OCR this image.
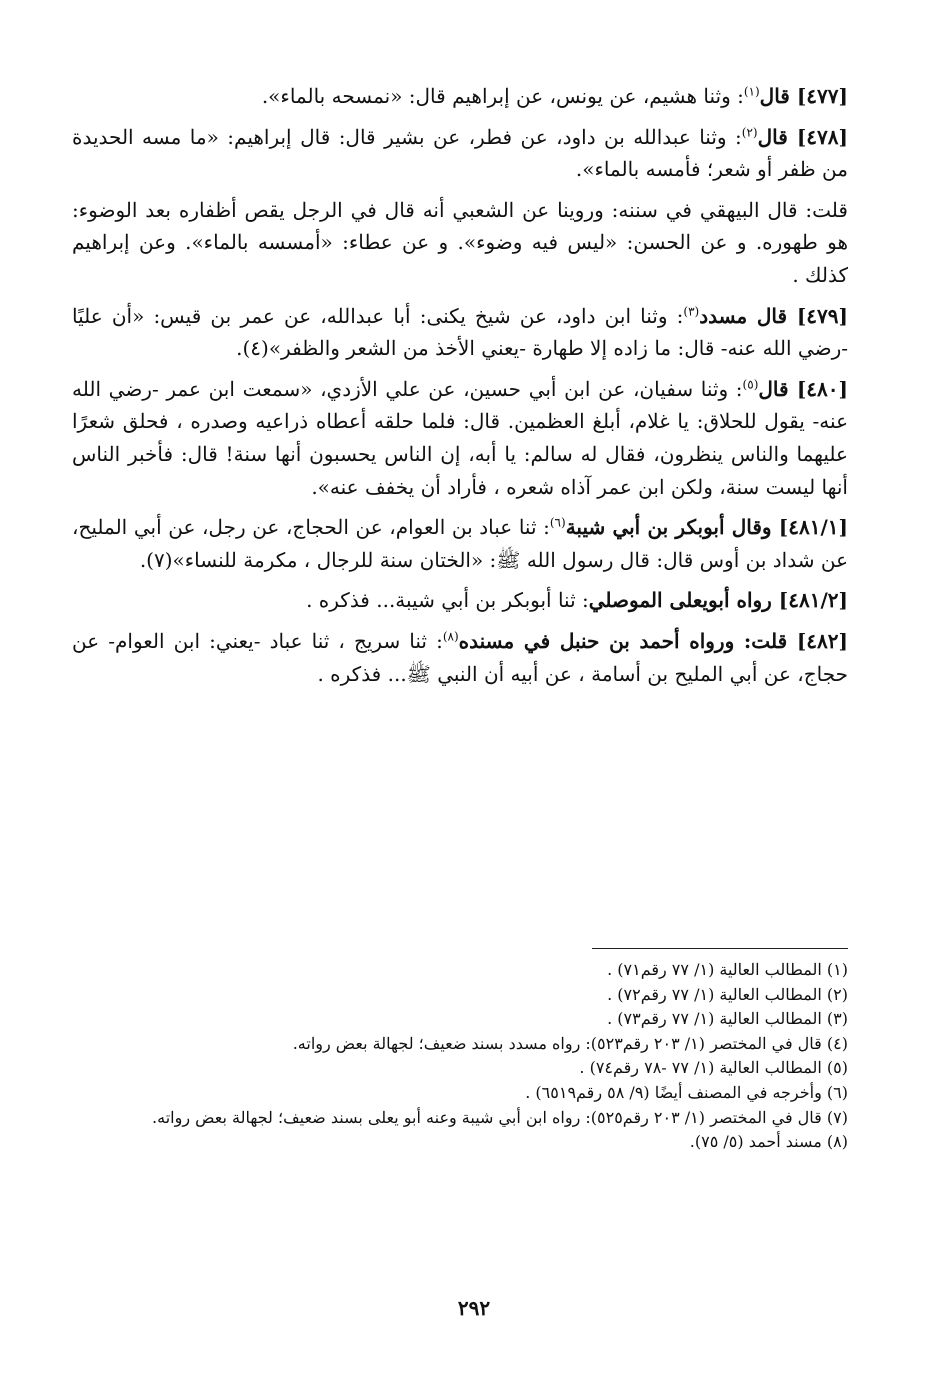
[٤٧٧] قال$^{(١)}$: وثنا هشيم، عن يونس، عن إبراهيم قال: «نمسحه بالماء».

[٤٧٨] قال$^{(٢)}$: وثنا عبدالله بن داود، عن فطر، عن بشير قال: قال إبراهيم: «ما مسه الحديدة من ظفر أو شعر؛ فأمسه بالماء».

قلت: قال البيهقي في سننه: وروينا عن الشعبي أنه قال في الرجل يقص أظفاره بعد الوضوء: هو طهوره. و عن الحسن: «ليس فيه وضوء». و عن عطاء: «أمسسه بالماء». وعن إبراهيم كذلك .

[٤٧٩] قال مسدد$^{(٣)}$: وثنا ابن داود، عن شيخ يكنى: أبا عبدالله، عن عمر بن قيس: «أن عليًا -رضي الله عنه- قال: ما زاده إلا طهارة -يعني الأخذ من الشعر والظفر»(٤).

[٤٨٠] قال$^{(٥)}$: وثنا سفيان، عن ابن أبي حسين، عن علي الأزدي، «سمعت ابن عمر -رضي الله عنه- يقول للحلاق: يا غلام، أبلغ العظمين. قال: فلما حلقه أعطاه ذراعيه وصدره ، فحلق شعرًا عليهما والناس ينظرون، فقال له سالم: يا أبه، إن الناس يحسبون أنها سنة! قال: فأخبر الناس أنها ليست سنة، ولكن ابن عمر آذاه شعره ، فأراد أن يخفف عنه».

[٤٨١/١] وقال أبوبكر بن أبي شيبة$^{(٦)}$: ثنا عباد بن العوام، عن الحجاج، عن رجل، عن أبي المليح، عن شداد بن أوس قال: قال رسول الله ﷺ: «الختان سنة للرجال ، مكرمة للنساء»(٧).

[٤٨١/٢] رواه أبويعلى الموصلي: ثنا أبوبكر بن أبي شيبة... فذكره .

[٤٨٢] قلت: ورواه أحمد بن حنبل في مسنده$^{(٨)}$: ثنا سريج ، ثنا عباد -يعني: ابن العوام- عن حجاج، عن أبي المليح بن أسامة ، عن أبيه أن النبي ﷺ... فذكره .

(١) المطالب العالية (١/ ٧٧ رقم٧١) .

(٢) المطالب العالية (١/ ٧٧ رقم٧٢) .

(٣) المطالب العالية (١/ ٧٧ رقم٧٣) .

(٤) قال في المختصر (١/ ٢٠٣ رقم٥٢٣): رواه مسدد بسند ضعيف؛ لجهالة بعض رواته.

(٥) المطالب العالية (١/ ٧٧ -٧٨ رقم٧٤) .

(٦) وأخرجه في المصنف أيضًا (٩/ ٥٨ رقم٦٥١٩) .

(٧) قال في المختصر (١/ ٢٠٣ رقم٥٢٥): رواه ابن أبي شيبة وعنه أبو يعلى بسند ضعيف؛ لجهالة بعض رواته.

(٨) مسند أحمد (٥/ ٧٥).

٢٩٢
